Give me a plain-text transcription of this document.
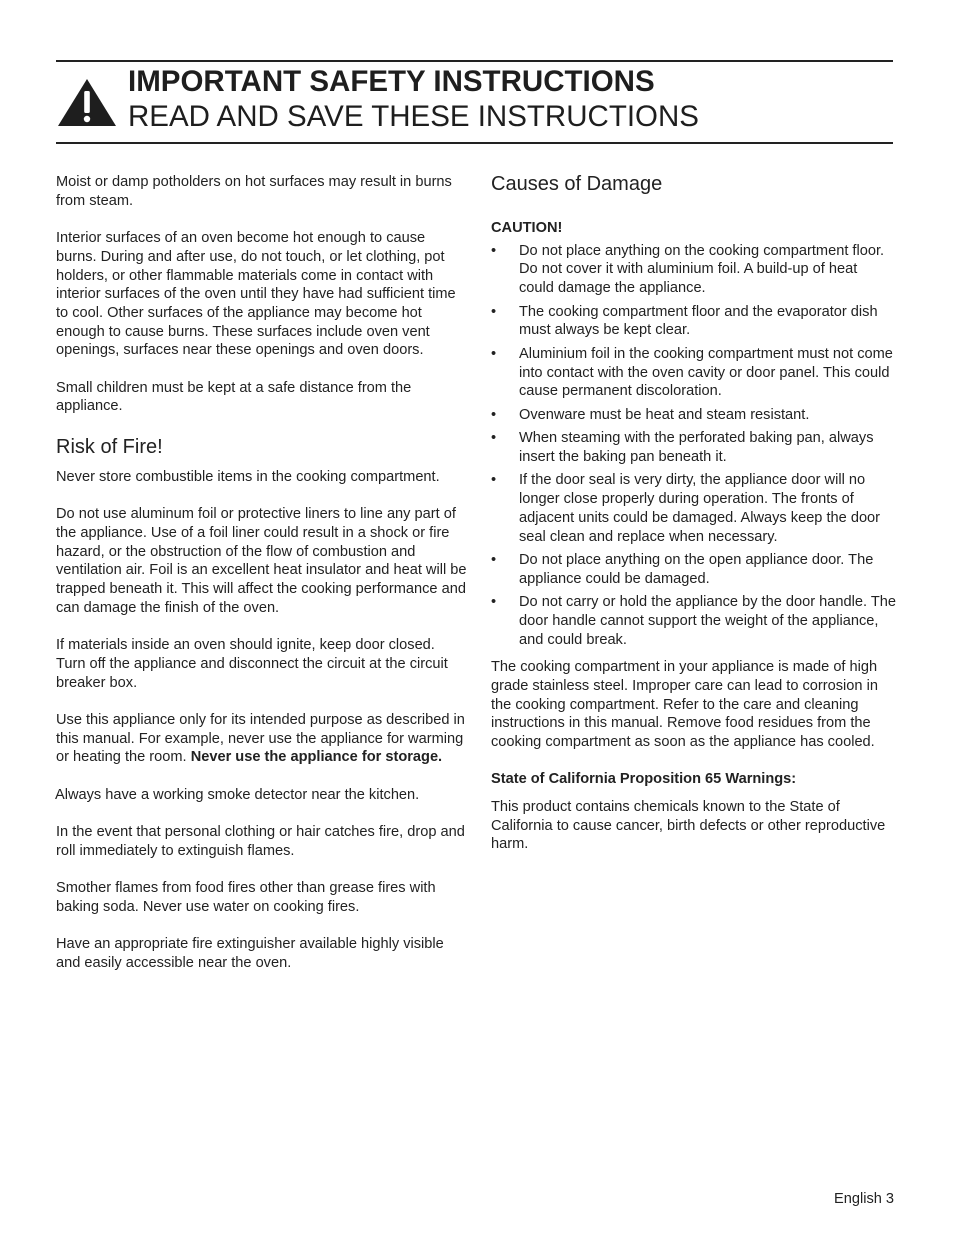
IMPORTANT SAFETY INSTRUCTIONS
READ AND SAVE THESE INSTRUCTIONS

Moist or damp potholders on hot surfaces may result in burns from steam.

Interior surfaces of an oven become hot enough to cause burns. During and after use, do not touch, or let clothing, pot holders, or other flammable materials come in contact with interior surfaces of the oven until they have had sufficient time to cool. Other surfaces of the appliance may become hot enough to cause burns. These surfaces include oven vent openings, surfaces near these openings and oven doors.

Small children must be kept at a safe distance from the appliance.

Risk of Fire!

Never store combustible items in the cooking compartment.

Do not use aluminum foil or protective liners to line any part of the appliance. Use of a foil liner could result in a shock or fire hazard, or the obstruction of the flow of combustion and ventilation air. Foil is an excellent heat insulator and heat will be trapped beneath it. This will affect the cooking performance and can damage the finish of the oven.

If materials inside an oven should ignite, keep door closed. Turn off the appliance and disconnect the circuit at the circuit breaker box.

Use this appliance only for its intended purpose as described in this manual. For example, never use the appliance for warming or heating the room. Never use the appliance for storage.

Always have a working smoke detector near the kitchen.

In the event that personal clothing or hair catches fire, drop and roll immediately to extinguish flames.

Smother flames from food fires other than grease fires with baking soda. Never use water on cooking fires.

Have an appropriate fire extinguisher available highly visible and easily accessible near the oven.

Causes of Damage
CAUTION!
• Do not place anything on the cooking compartment floor. Do not cover it with aluminium foil. A build-up of heat could damage the appliance.
• The cooking compartment floor and the evaporator dish must always be kept clear.
• Aluminium foil in the cooking compartment must not come into contact with the oven cavity or door panel. This could cause permanent discoloration.
• Ovenware must be heat and steam resistant.
• When steaming with the perforated baking pan, always insert the baking pan beneath it.
• If the door seal is very dirty, the appliance door will no longer close properly during operation. The fronts of adjacent units could be damaged. Always keep the door seal clean and replace when necessary.
• Do not place anything on the open appliance door. The appliance could be damaged.
• Do not carry or hold the appliance by the door handle. The door handle cannot support the weight of the appliance, and could break.

The cooking compartment in your appliance is made of high grade stainless steel. Improper care can lead to corrosion in the cooking compartment. Refer to the care and cleaning instructions in this manual. Remove food residues from the cooking compartment as soon as the appliance has cooled.

State of California Proposition 65 Warnings:

This product contains chemicals known to the State of California to cause cancer, birth defects or other reproductive harm.

English 3
